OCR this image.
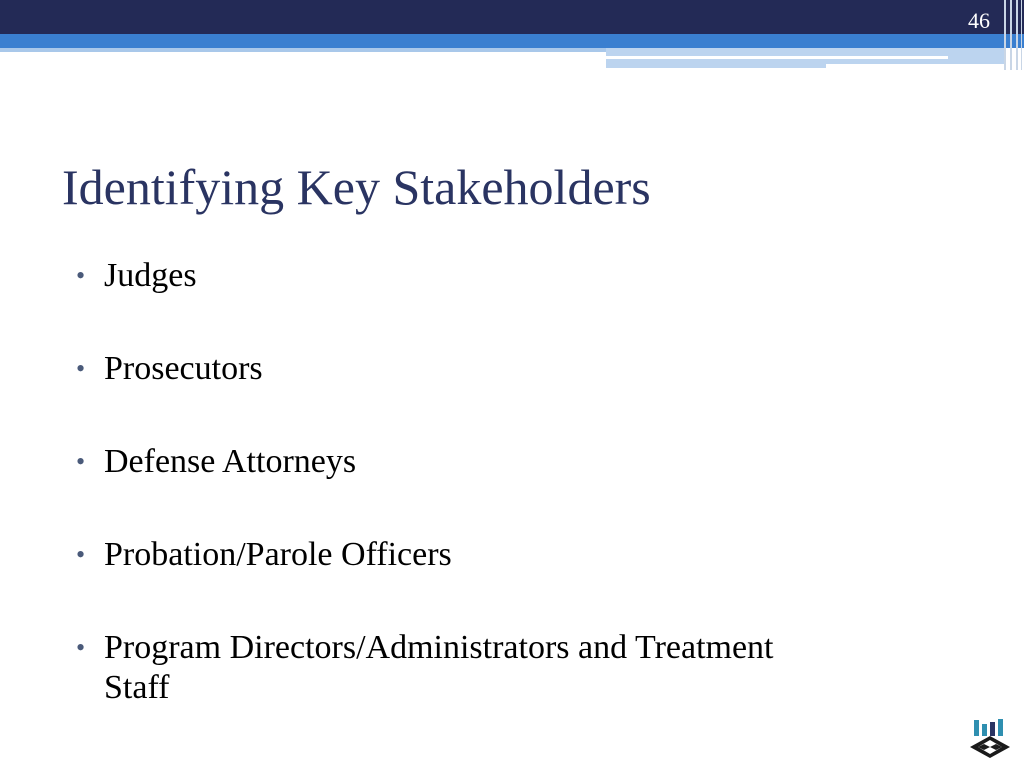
46
Identifying Key Stakeholders
• Judges
• Prosecutors
• Defense Attorneys
• Probation/Parole Officers
• Program Directors/Administrators and Treatment Staff
